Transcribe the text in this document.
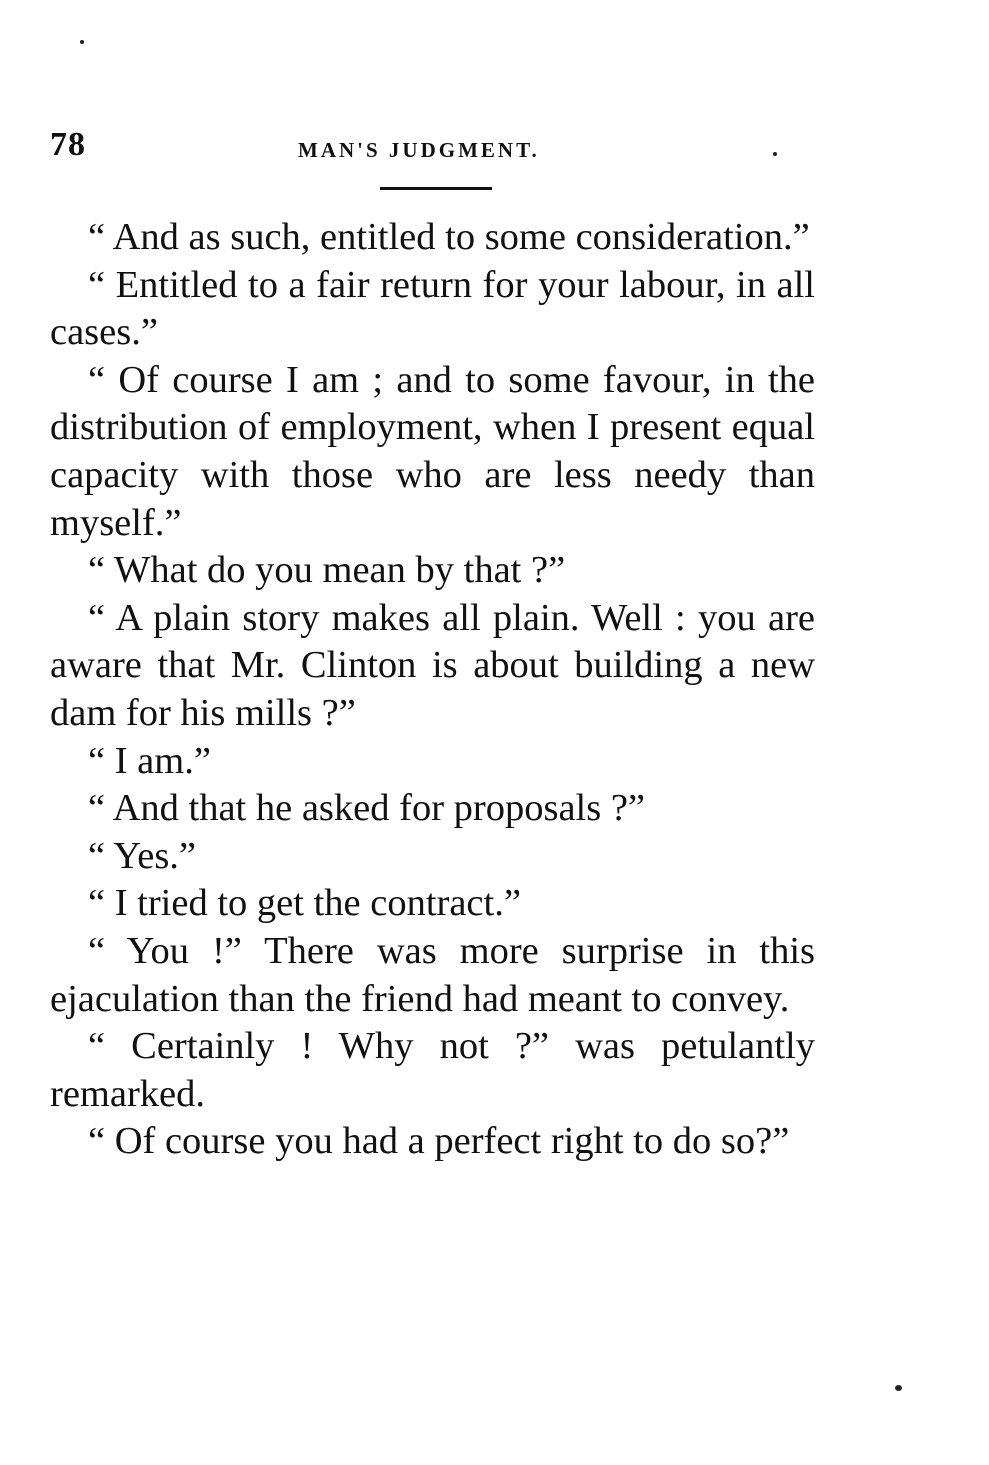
78	MAN'S JUDGMENT.

“ And as such, entitled to some consideration.”

“ Entitled to a fair return for your labour, in all cases.”

“ Of course I am ; and to some favour, in the distribution of employment, when I present equal capacity with those who are less needy than myself.”

“ What do you mean by that ?”

“ A plain story makes all plain. Well : you are aware that Mr. Clinton is about building a new dam for his mills ?”

“ I am.”

“ And that he asked for proposals ?”

“ Yes.”

“ I tried to get the contract.”

“ You !” There was more surprise in this ejaculation than the friend had meant to convey.

“ Certainly ! Why not ?” was petulantly remarked.

“ Of course you had a perfect right to do so?”
